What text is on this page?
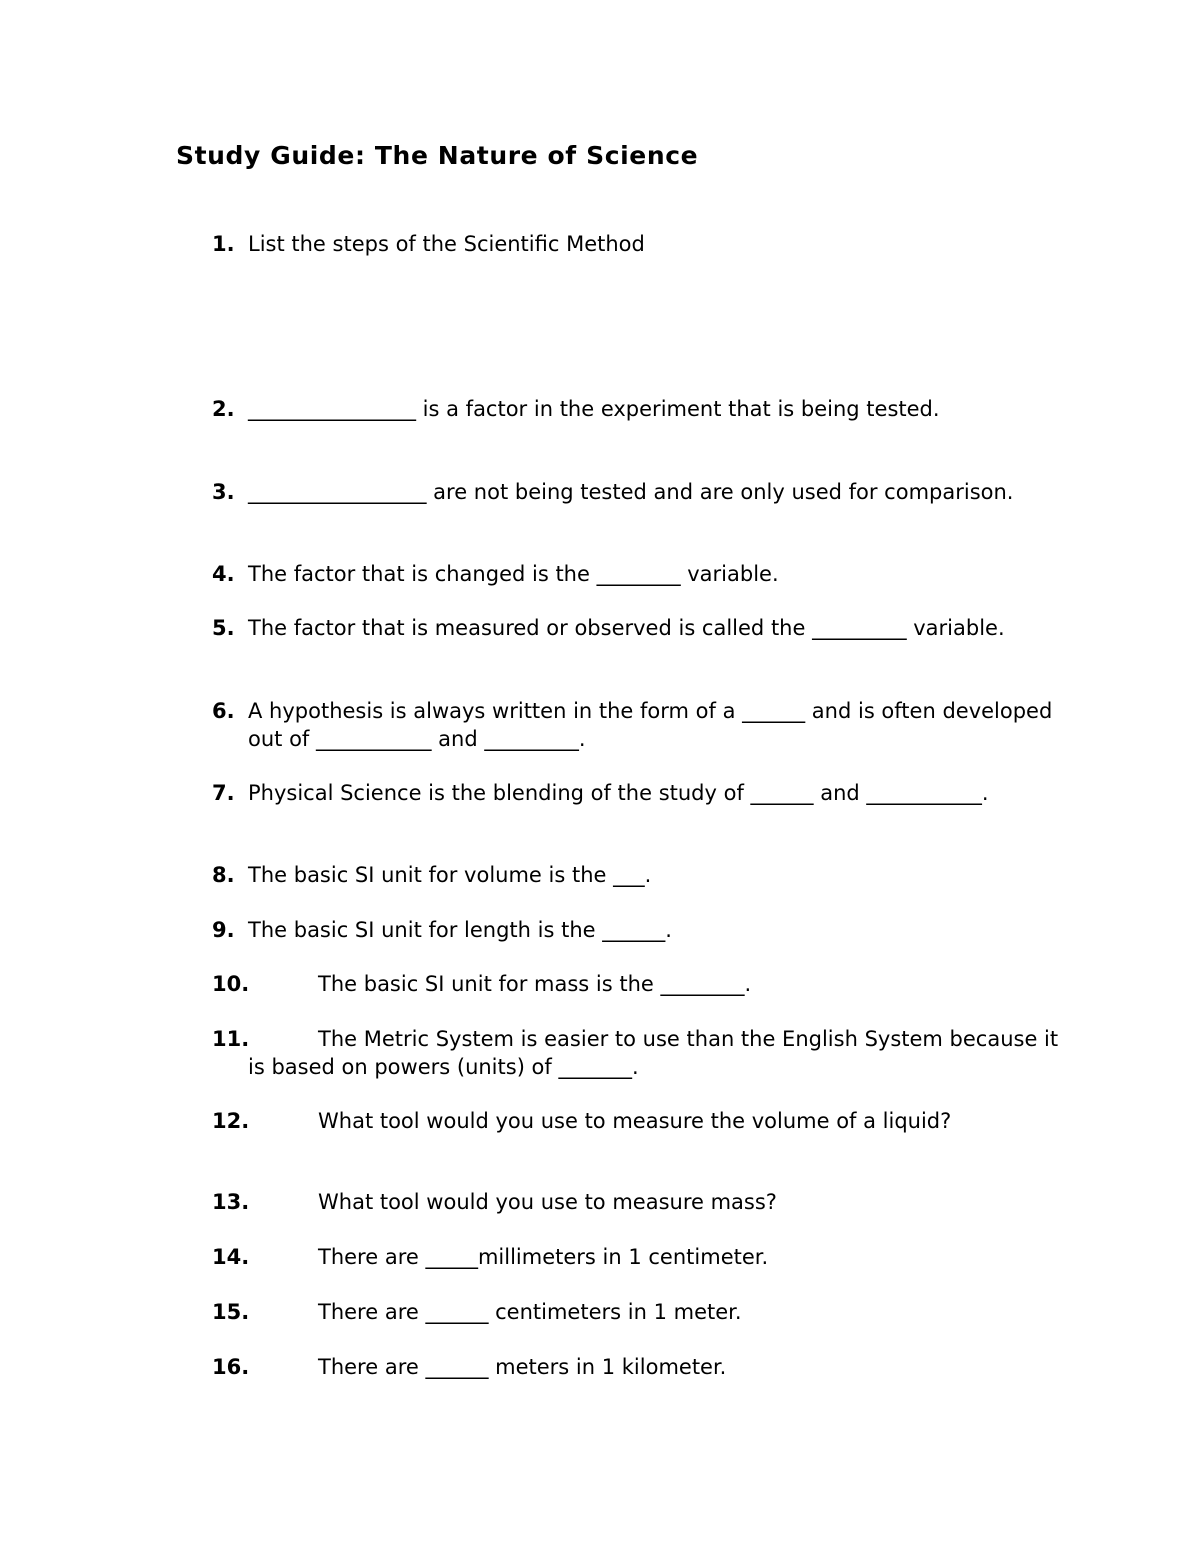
Study Guide: The Nature of Science
1. List the steps of the Scientific Method
2. ________________ is a factor in the experiment that is being tested.
3. _________________ are not being tested and are only used for comparison.
4. The factor that is changed is the ________ variable.
5. The factor that is measured or observed is called the _________ variable.
6. A hypothesis is always written in the form of a ______ and is often developed out of ___________ and _________.
7. Physical Science is the blending of the study of ______ and ___________.
8. The basic SI unit for volume is the ___.
9. The basic SI unit for length is the ______.
10.	The basic SI unit for mass is the ________.
11.	The Metric System is easier to use than the English System because it is based on powers (units) of _______.
12.	What tool would you use to measure the volume of a liquid?
13.	What tool would you use to measure mass?
14.	There are _____millimeters in 1 centimeter.
15.	There are ______ centimeters in 1 meter.
16.	There are ______ meters in 1 kilometer.
